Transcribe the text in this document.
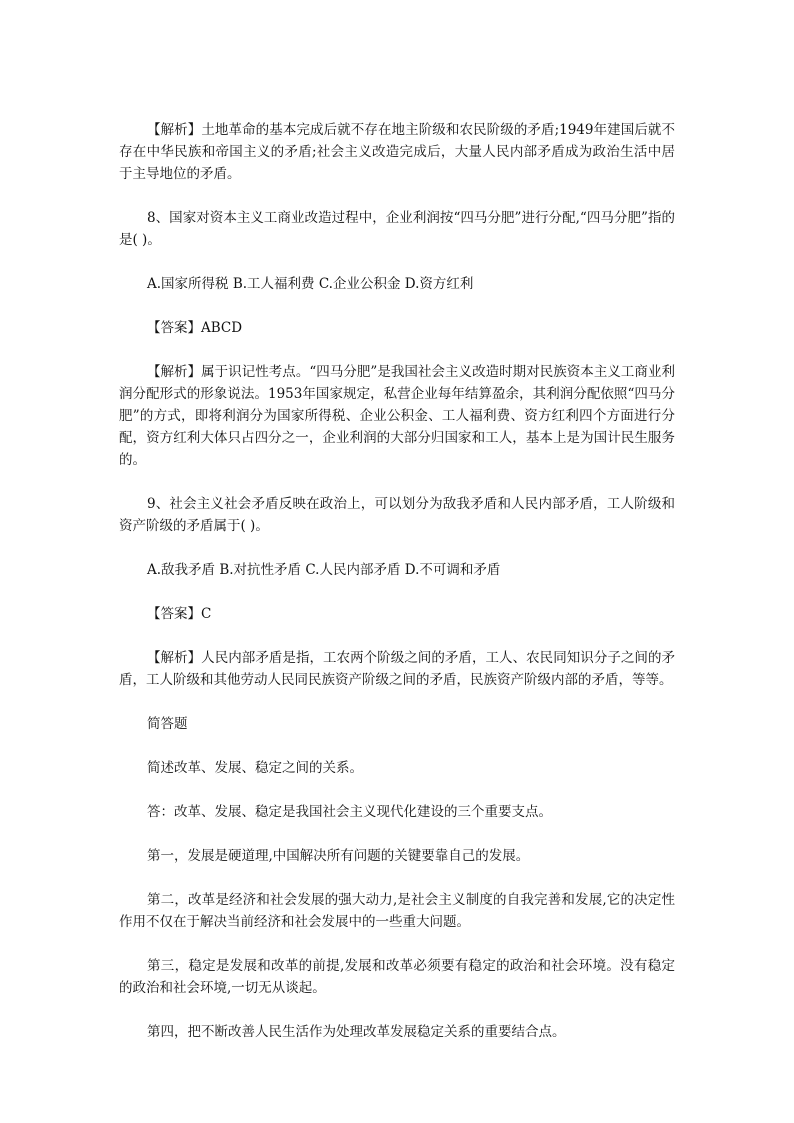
【解析】土地革命的基本完成后就不存在地主阶级和农民阶级的矛盾;1949年建国后就不存在中华民族和帝国主义的矛盾;社会主义改造完成后，大量人民内部矛盾成为政治生活中居于主导地位的矛盾。

8、国家对资本主义工商业改造过程中，企业利润按“四马分肥”进行分配,“四马分肥”指的是( )。

A.国家所得税 B.工人福利费 C.企业公积金 D.资方红利

【答案】ABCD

【解析】属于识记性考点。“四马分肥”是我国社会主义改造时期对民族资本主义工商业利润分配形式的形象说法。1953年国家规定，私营企业每年结算盈余，其利润分配依照“四马分肥”的方式，即将利润分为国家所得税、企业公积金、工人福利费、资方红利四个方面进行分配，资方红利大体只占四分之一，企业利润的大部分归国家和工人，基本上是为国计民生服务的。

9、社会主义社会矛盾反映在政治上，可以划分为敌我矛盾和人民内部矛盾，工人阶级和资产阶级的矛盾属于( )。

A.敌我矛盾 B.对抗性矛盾 C.人民内部矛盾 D.不可调和矛盾

【答案】C

【解析】人民内部矛盾是指，工农两个阶级之间的矛盾，工人、农民同知识分子之间的矛盾，工人阶级和其他劳动人民同民族资产阶级之间的矛盾，民族资产阶级内部的矛盾，等等。

简答题

简述改革、发展、稳定之间的关系。

答：改革、发展、稳定是我国社会主义现代化建设的三个重要支点。

第一，发展是硬道理,中国解决所有问题的关键要靠自己的发展。

第二，改革是经济和社会发展的强大动力,是社会主义制度的自我完善和发展,它的决定性作用不仅在于解决当前经济和社会发展中的一些重大问题。

第三，稳定是发展和改革的前提,发展和改革必须要有稳定的政治和社会环境。没有稳定的政治和社会环境,一切无从谈起。

第四，把不断改善人民生活作为处理改革发展稳定关系的重要结合点。
